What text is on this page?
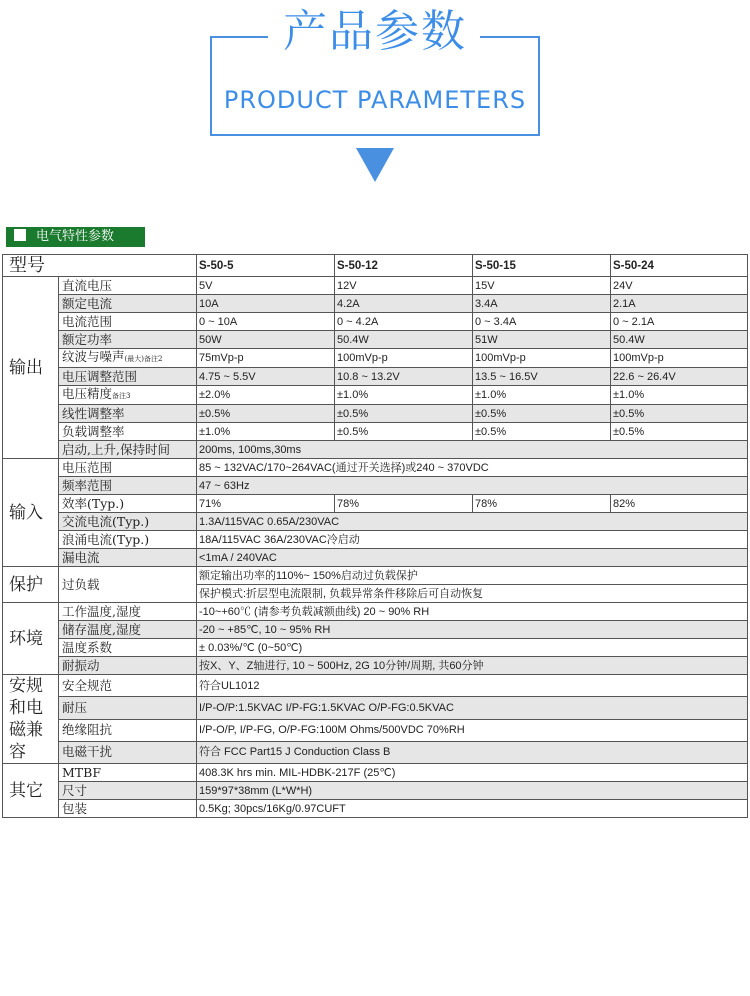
产品参数
PRODUCT PARAMETERS
电气特性参数
型号		S-50-5	S-50-12	S-50-15	S-50-24
输出	直流电压	5V	12V	15V	24V
	额定电流	10A	4.2A	3.4A	2.1A
	电流范围	0 ~ 10A	0 ~ 4.2A	0 ~ 3.4A	0 ~ 2.1A
	额定功率	50W	50.4W	51W	50.4W
	纹波与噪声(最大)备注2	75mVp-p	100mVp-p	100mVp-p	100mVp-p
	电压调整范围	4.75 ~ 5.5V	10.8 ~ 13.2V	13.5 ~ 16.5V	22.6 ~ 26.4V
	电压精度备注3	±2.0%	±1.0%	±1.0%	±1.0%
	线性调整率	±0.5%	±0.5%	±0.5%	±0.5%
	负载调整率	±1.0%	±0.5%	±0.5%	±0.5%
	启动,上升,保持时间	200ms, 100ms,30ms			
输入	电压范围	85 ~ 132VAC/170~264VAC(通过开关选择)或240 ~ 370VDC			
	频率范围	47 ~ 63Hz			
	效率(Typ.)	71%	78%	78%	82%
	交流电流(Typ.)	1.3A/115VAC 0.65A/230VAC			
	浪涌电流(Typ.)	18A/115VAC 36A/230VAC冷启动			
	漏电流	<1mA / 240VAC			
保护	过负载	额定输出功率的110%~ 150%启动过负载保护			
		保护模式:折层型电流限制, 负载异常条件移除后可自动恢复			
环境	工作温度,湿度	-10~+60℃ (请参考负载减额曲线) 20 ~ 90% RH			
	储存温度,湿度	-20 ~ +85℃, 10 ~ 95% RH			
	温度系数	± 0.03%/℃ (0~50℃)			
	耐振动	按X、Y、Z轴进行, 10 ~ 500Hz, 2G 10分钟/周期, 共60分钟			
安规和电磁兼容	安全规范	符合UL1012			
	耐压	I/P-O/P:1.5KVAC I/P-FG:1.5KVAC O/P-FG:0.5KVAC			
	绝缘阻抗	I/P-O/P, I/P-FG, O/P-FG:100M Ohms/500VDC 70%RH			
	电磁干扰	符合 FCC Part15 J Conduction Class B			
其它	MTBF	408.3K hrs min. MIL-HDBK-217F (25℃)			
	尺寸	159*97*38mm (L*W*H)			
	包装	0.5Kg; 30pcs/16Kg/0.97CUFT			
